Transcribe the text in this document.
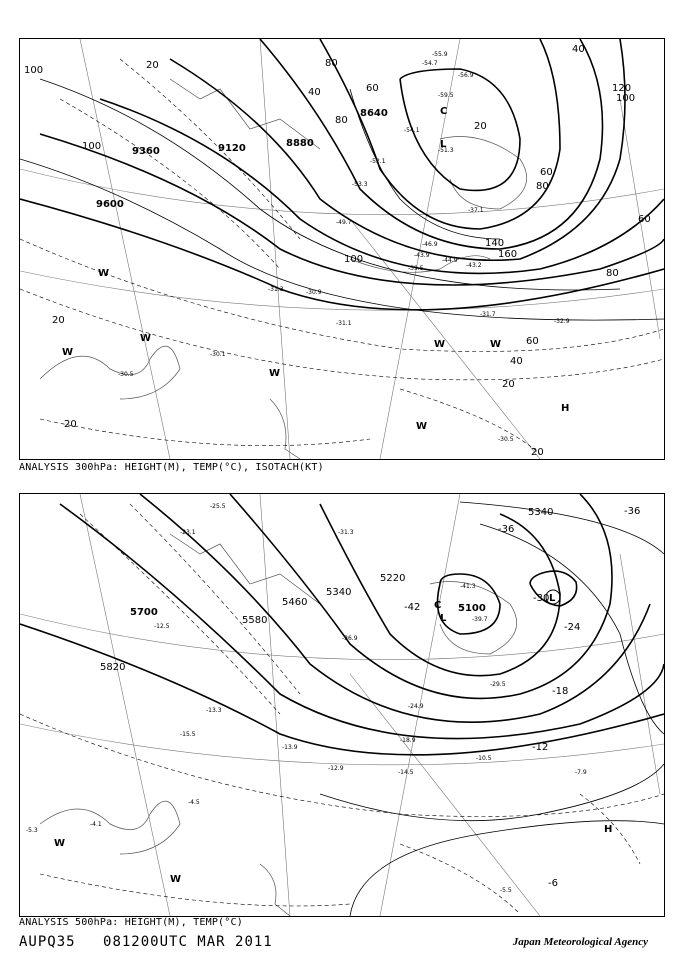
9600
9360	9120	8880
8640
100	20
100
80
40	60
80
20
40
120
100
140
160
60
80
60
40
20
20
20
100
20
60
80
-55.9
-54.7
-56.9
-59.5
-54.1
-51.3
-52.1
-53.3
-49.7
-46.9
-44.9
-43.9
-39.5
-37.1
-31.3	-30.9
-30.1
-30.5
-31.1
-31.7
-32.9
-30.5
-43.2
L
C
H
W
W
W
W
W	W
W
ANALYSIS 300hPa: HEIGHT(M), TEMP(°C), ISOTACH(KT)
5700
5820
5580
5460
5340
5220
5100
5340
-36
-36
-30
-24
-18
-12
-6
-42
-25.5
-31.3
-23.1
-12.5
-13.3
-15.5
-13.9
-12.9
-14.5
-10.5
-7.9
-4.5
-5.3
-4.1
-5.5
-41.3
-39.7
-36.9
-29.5
-24.9
-18.9
L
L
C
H
W
W
ANALYSIS 500hPa: HEIGHT(M), TEMP(°C)
AUPQ35 081200UTC MAR 2011	Japan Meteorological Agency
